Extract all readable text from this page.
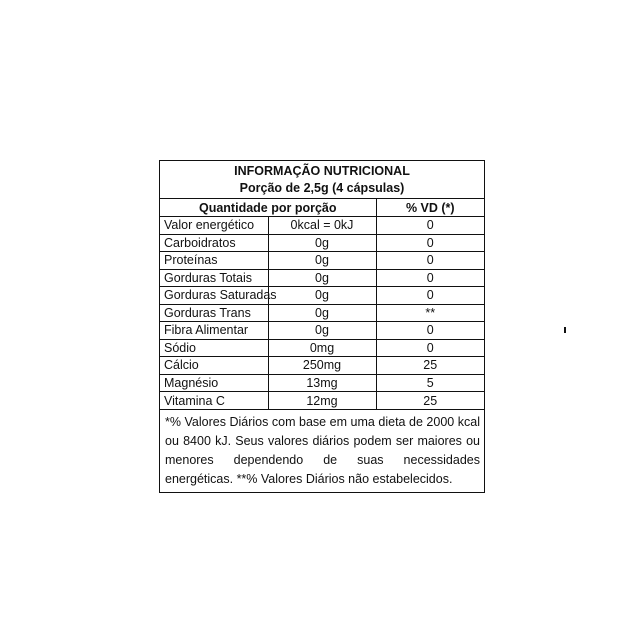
INFORMAÇÃO NUTRICIONAL
Porção de 2,5g (4 cápsulas)
Quantidade por porção		% VD (*)
Valor energético	0kcal = 0kJ	0
Carboidratos	0g	0
Proteínas	0g	0
Gorduras Totais	0g	0
Gorduras Saturadas	0g	0
Gorduras Trans	0g	**
Fibra Alimentar	0g	0
Sódio	0mg	0
Cálcio	250mg	25
Magnésio	13mg	5
Vitamina C	12mg	25
*% Valores Diários com base em uma dieta de 2000 kcal ou 8400 kJ. Seus valores diários podem ser maiores ou menores dependendo de suas necessidades energéticas. **% Valores Diários não estabelecidos.
